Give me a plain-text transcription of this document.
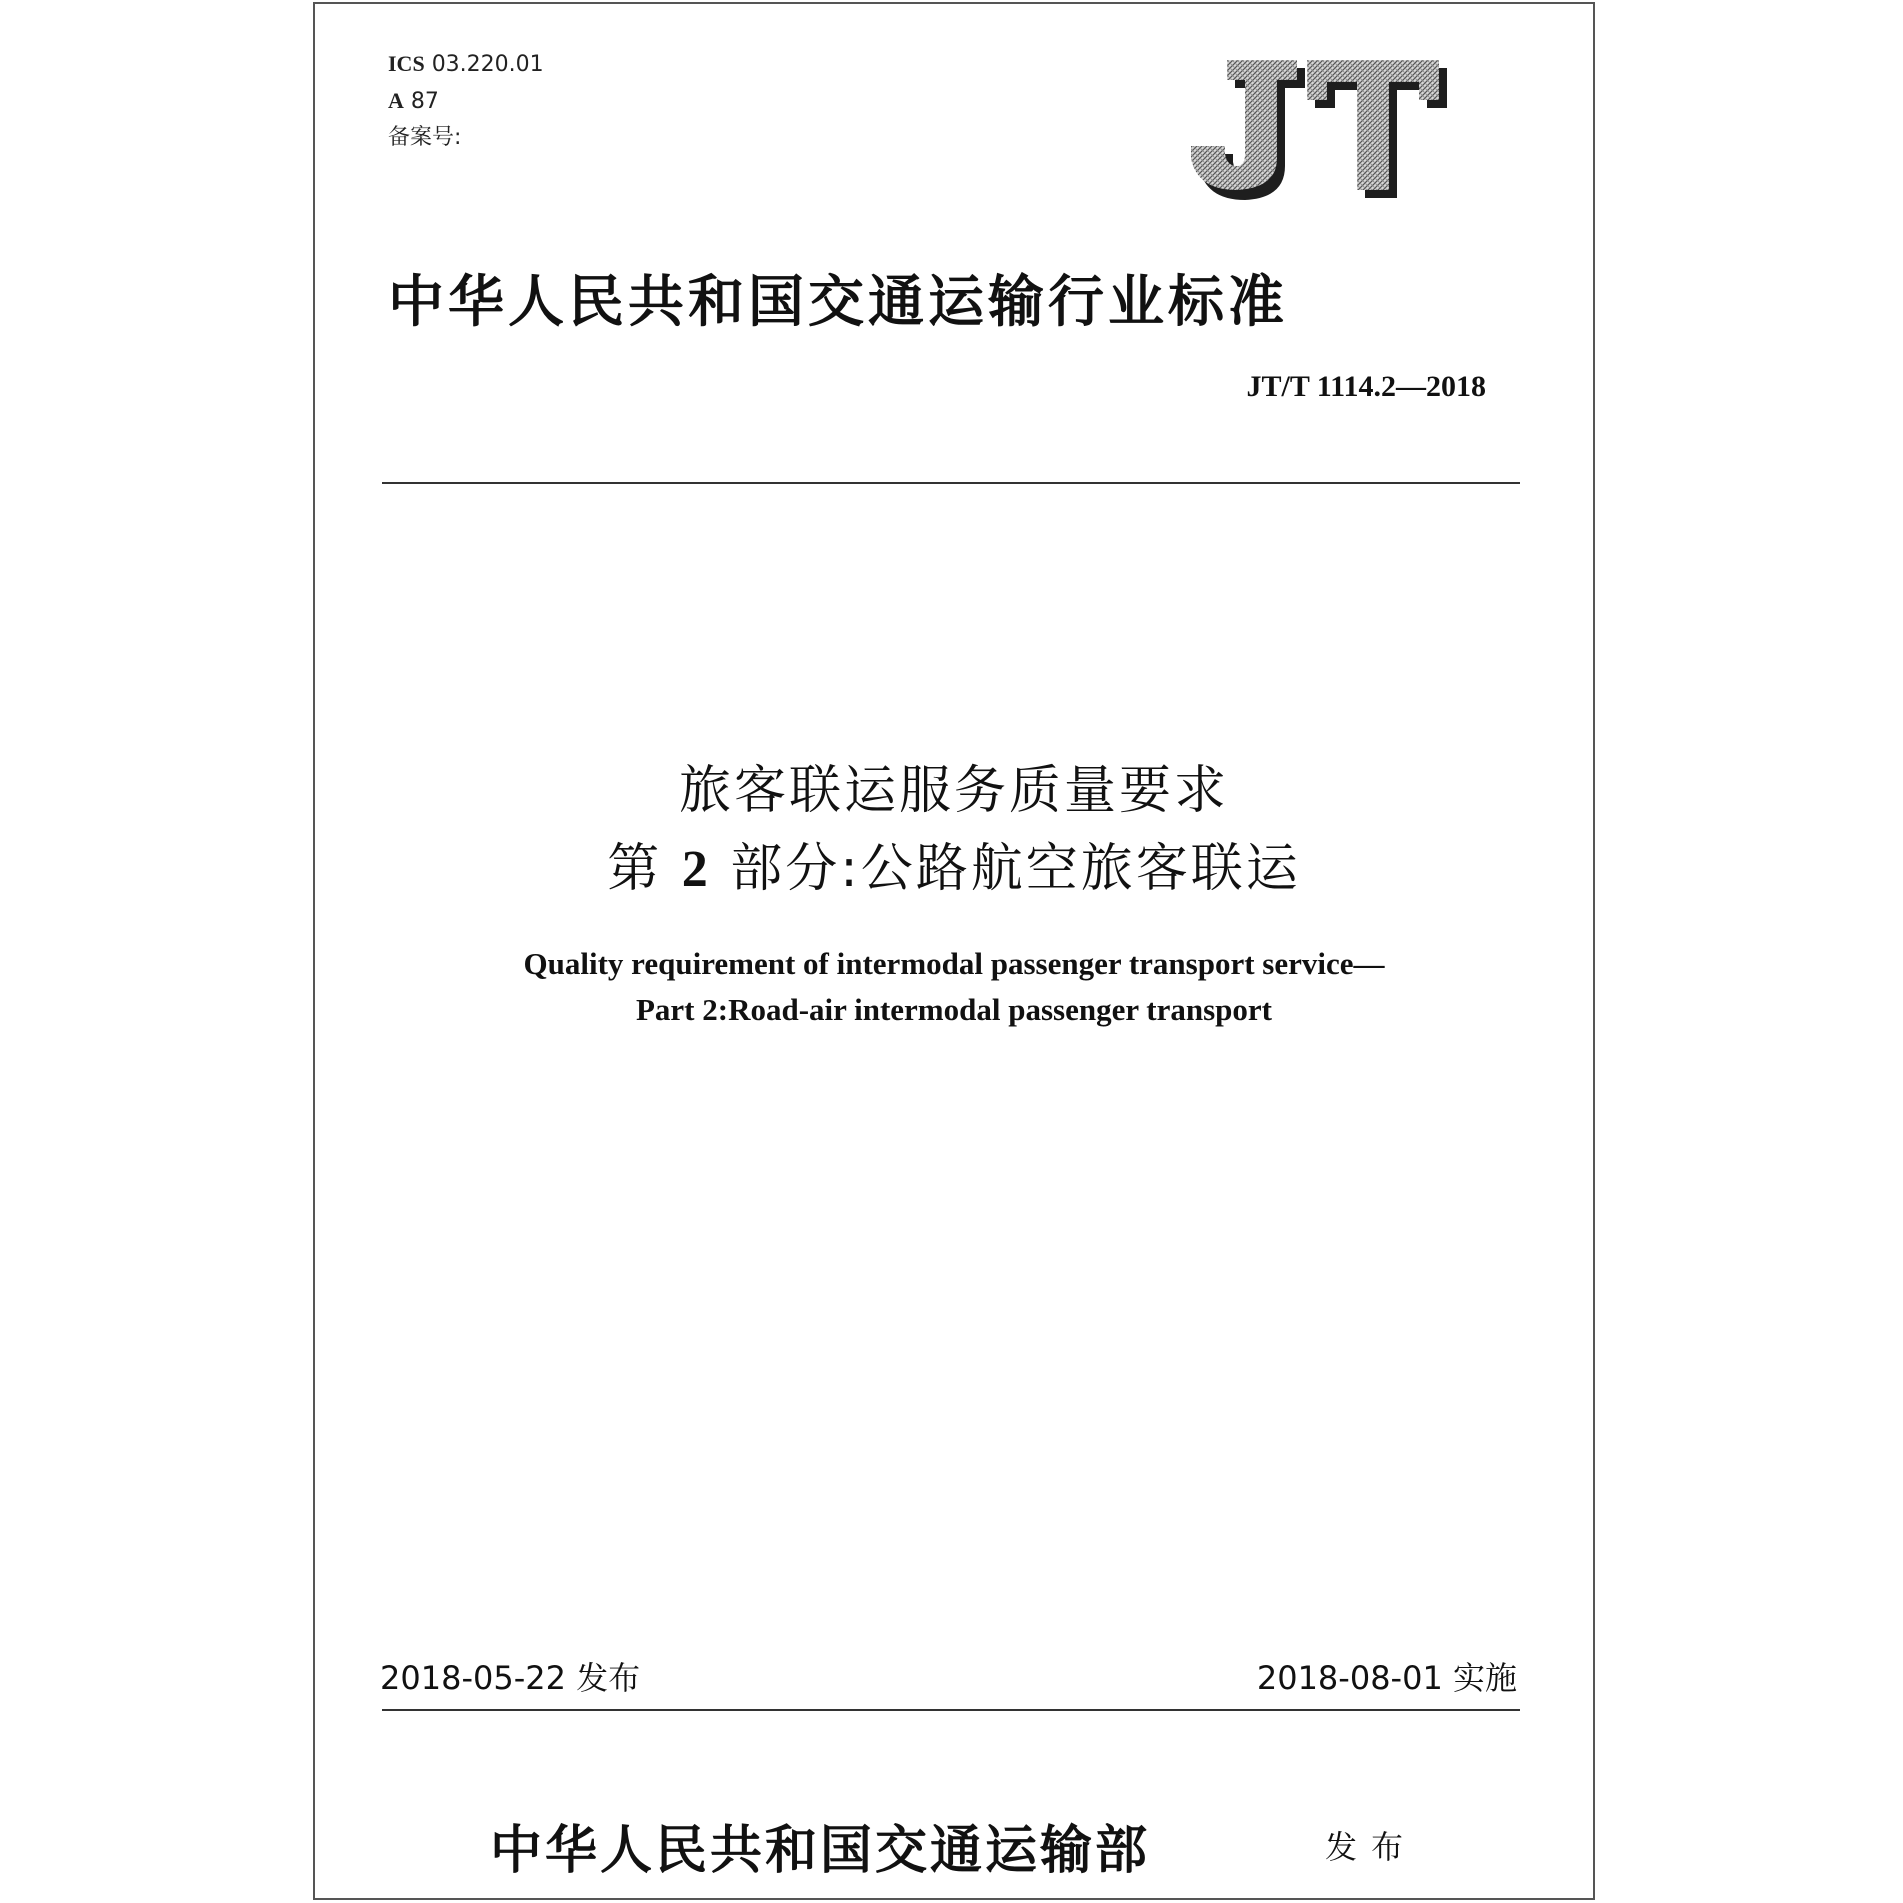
ICS 03.220.01
A 87
备案号:
中华人民共和国交通运输行业标准
JT/T 1114.2—2018
旅客联运服务质量要求
第 2 部分:公路航空旅客联运
Quality requirement of intermodal passenger transport service—
Part 2:Road-air intermodal passenger transport
2018-05-22 发布	2018-08-01 实施
中华人民共和国交通运输部	发布
